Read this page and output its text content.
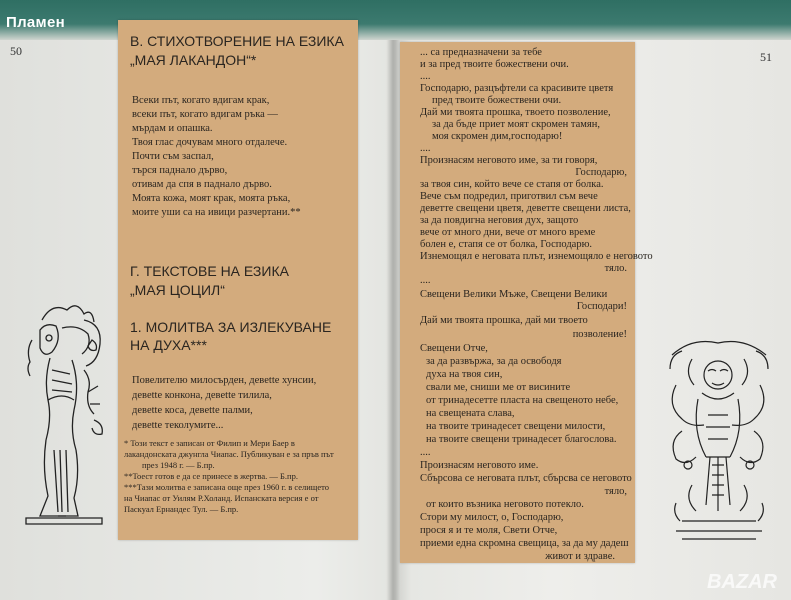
Пламен
50	51
В. СТИХОТВОРЕНИЕ НА ЕЗИКА
„МАЯ ЛАКАНДОН“*
Всеки път, когато вдигам крак,
всеки път, когато вдигам ръка —
мърдам и опашка.
Твоя глас дочувам много отдалече.
Почти съм заспал,
търся паднало дърво,
отивам да спя в паднало дърво.
Моята кожа, моят крак, моята ръка,
моите уши са на ивици разчертани.**
Г. ТЕКСТОВЕ НА ЕЗИКА
„МАЯ ЦОЦИЛ“
1. МОЛИТВА ЗА ИЗЛЕКУВАНЕ
НА ДУХА***
Повелителю милосърден, девette хунсии,
девette конкона, девette тилила,
девette коса, девette палми,
девette теколумите...
* Този текст е записан от Филип и Мери Баер в
лакандонската джунгла Чиапас. Публикуван е за пръв път
през 1948 г. — Б.пр.
**Тоест готов е да се принесе в жертва. — Б.пр.
***Тази молитва е записана още през 1960 г. в селището
на Чиапас от Уилям Р.Холанд. Испанската версия е от
Паскуал Ернандес Тул. — Б.пр.
... са предназначени за тебе
и за пред твоите божествени очи.
....
Господарю, разцъфтели са красивите цветя
пред твоите божествени очи.
Дай ми твоята прошка, твоето позволение,
за да бъде приет моят скромен тамян,
моя скромен дим,господарю!
....
Произнасям неговото име, за ти говоря,
Господарю,
за твоя син, който вече се стапя от болка.
Вече съм подредил, приготвил съм вече
деветте свещени цветя, деветте свещени листа,
за да повдигна неговия дух, защото
вече от много дни, вече от много време
болен е, стапя се от болка, Господарю.
Изнемощял е неговата плът, изнемощяло е неговото
тяло.
....
Свещени Велики Мъже, Свещени Велики
Господари!
Дай ми твоята прошка, дай ми твоето
позволение!
Свещени Отче,
за да развържа, за да освободя
духа на твоя син,
свали ме, сниши ме от висините
от тринадесетте пласта на свещеното небе,
на свещената слава,
на твоите тринадесет свещени милости,
на твоите свещени тринадесет благослова.
....
Произнасям неговото име.
Сбърсова се неговата плът, сбърсва се неговото
тяло,
от които възника неговото потекло.
Стори му милост, о, Господарю,
прося я и те моля, Свети Отче,
приеми една скромна свещица, за да му дадеш
живот и здраве.
BAZAR
